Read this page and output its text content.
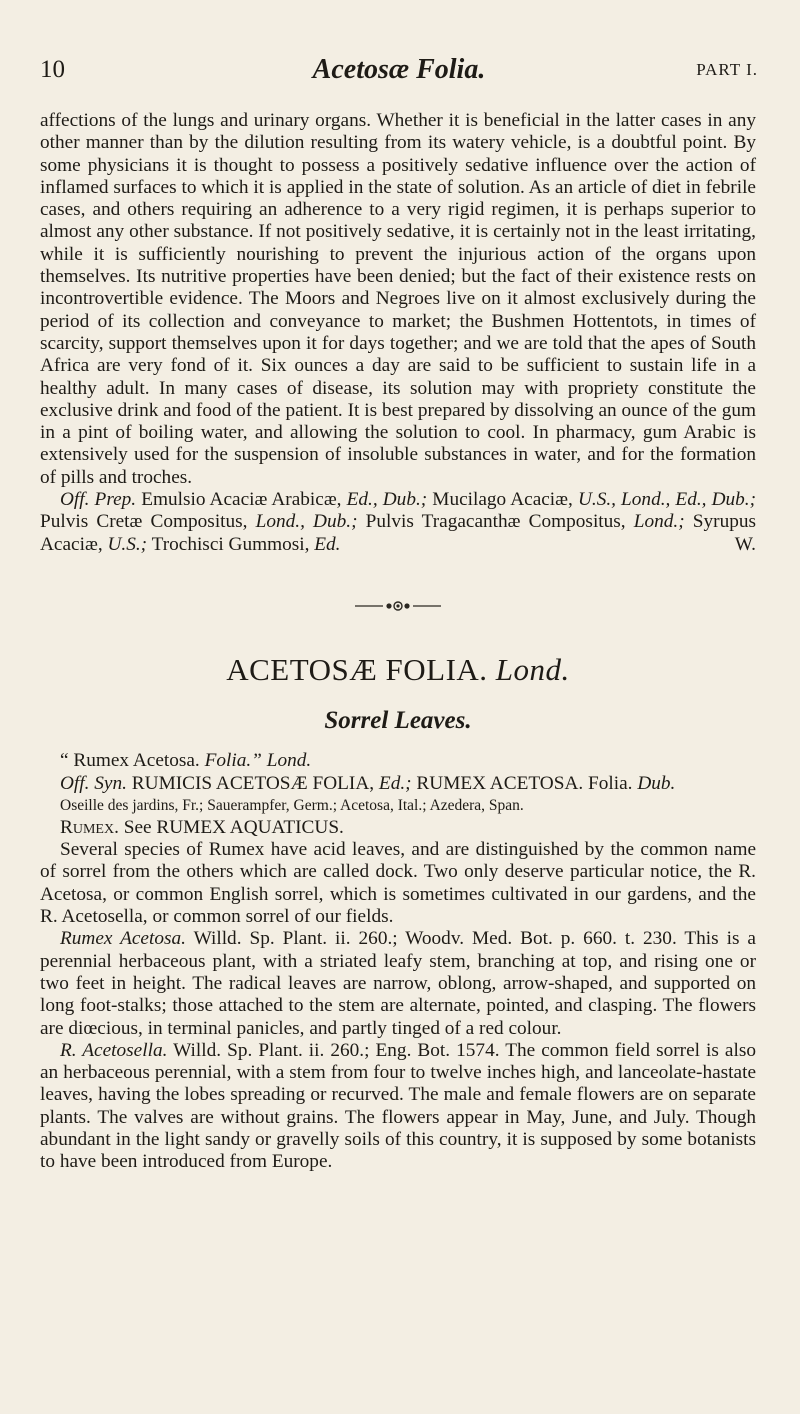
10	Acetosæ Folia.	PART I.

affections of the lungs and urinary organs. Whether it is beneficial in the latter cases in any other manner than by the dilution resulting from its watery vehicle, is a doubtful point. By some physicians it is thought to possess a positively sedative influence over the action of inflamed surfaces to which it is applied in the state of solution. As an article of diet in febrile cases, and others requiring an adherence to a very rigid regimen, it is perhaps superior to almost any other substance. If not positively sedative, it is certainly not in the least irritating, while it is sufficiently nourishing to prevent the injurious action of the organs upon themselves. Its nutritive properties have been denied; but the fact of their existence rests on incontrovertible evidence. The Moors and Negroes live on it almost exclusively during the period of its collection and conveyance to market; the Bushmen Hottentots, in times of scarcity, support themselves upon it for days together; and we are told that the apes of South Africa are very fond of it. Six ounces a day are said to be sufficient to sustain life in a healthy adult. In many cases of disease, its solution may with propriety constitute the exclusive drink and food of the patient. It is best prepared by dissolving an ounce of the gum in a pint of boiling water, and allowing the solution to cool. In pharmacy, gum Arabic is extensively used for the suspension of insoluble substances in water, and for the formation of pills and troches.

Off. Prep. Emulsio Acaciæ Arabicæ, Ed., Dub.; Mucilago Acaciæ, U.S., Lond., Ed., Dub.; Pulvis Cretæ Compositus, Lond., Dub.; Pulvis Tragacanthæ Compositus, Lond.; Syrupus Acaciæ, U.S.; Trochisci Gummosi, Ed.	W.

ACETOSÆ FOLIA. Lond.
Sorrel Leaves.

“ Rumex Acetosa. Folia.” Lond.

Off. Syn. RUMICIS ACETOSÆ FOLIA, Ed.; RUMEX ACETOSA. Folia. Dub.

Oseille des jardins, Fr.; Sauerampfer, Germ.; Acetosa, Ital.; Azedera, Span.

Rumex. See RUMEX AQUATICUS.

Several species of Rumex have acid leaves, and are distinguished by the common name of sorrel from the others which are called dock. Two only deserve particular notice, the R. Acetosa, or common English sorrel, which is sometimes cultivated in our gardens, and the R. Acetosella, or common sorrel of our fields.

Rumex Acetosa. Willd. Sp. Plant. ii. 260.; Woodv. Med. Bot. p. 660. t. 230. This is a perennial herbaceous plant, with a striated leafy stem, branching at top, and rising one or two feet in height. The radical leaves are narrow, oblong, arrow-shaped, and supported on long foot-stalks; those attached to the stem are alternate, pointed, and clasping. The flowers are diœcious, in terminal panicles, and partly tinged of a red colour.

R. Acetosella. Willd. Sp. Plant. ii. 260.; Eng. Bot. 1574. The common field sorrel is also an herbaceous perennial, with a stem from four to twelve inches high, and lanceolate-hastate leaves, having the lobes spreading or recurved. The male and female flowers are on separate plants. The valves are without grains. The flowers appear in May, June, and July. Though abundant in the light sandy or gravelly soils of this country, it is supposed by some botanists to have been introduced from Europe.
